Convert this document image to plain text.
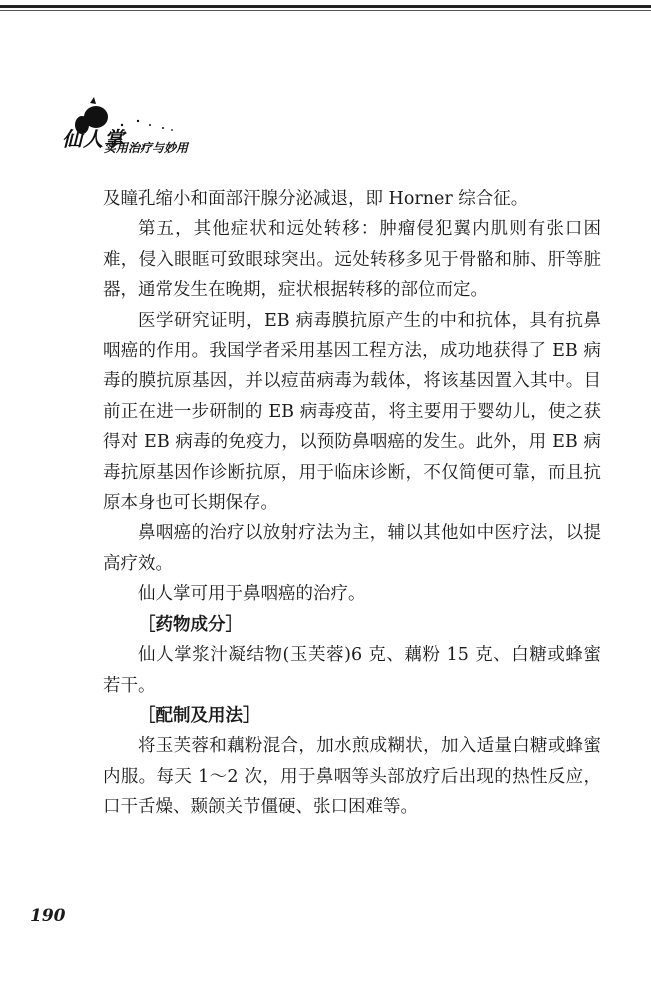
仙人掌
实用治疗与妙用

及瞳孔缩小和面部汗腺分泌减退，即 Horner 综合征。

第五，其他症状和远处转移：肿瘤侵犯翼内肌则有张口困难，侵入眼眶可致眼球突出。远处转移多见于骨骼和肺、肝等脏器，通常发生在晚期，症状根据转移的部位而定。

医学研究证明，EB 病毒膜抗原产生的中和抗体，具有抗鼻咽癌的作用。我国学者采用基因工程方法，成功地获得了 EB 病毒的膜抗原基因，并以痘苗病毒为载体，将该基因置入其中。目前正在进一步研制的 EB 病毒疫苗，将主要用于婴幼儿，使之获得对 EB 病毒的免疫力，以预防鼻咽癌的发生。此外，用 EB 病毒抗原基因作诊断抗原，用于临床诊断，不仅简便可靠，而且抗原本身也可长期保存。

鼻咽癌的治疗以放射疗法为主，辅以其他如中医疗法，以提高疗效。

仙人掌可用于鼻咽癌的治疗。

［药物成分］

仙人掌浆汁凝结物(玉芙蓉)6 克、藕粉 15 克、白糖或蜂蜜若干。

［配制及用法］

将玉芙蓉和藕粉混合，加水煎成糊状，加入适量白糖或蜂蜜内服。每天 1～2 次，用于鼻咽等头部放疗后出现的热性反应，口干舌燥、颞颌关节僵硬、张口困难等。

190
